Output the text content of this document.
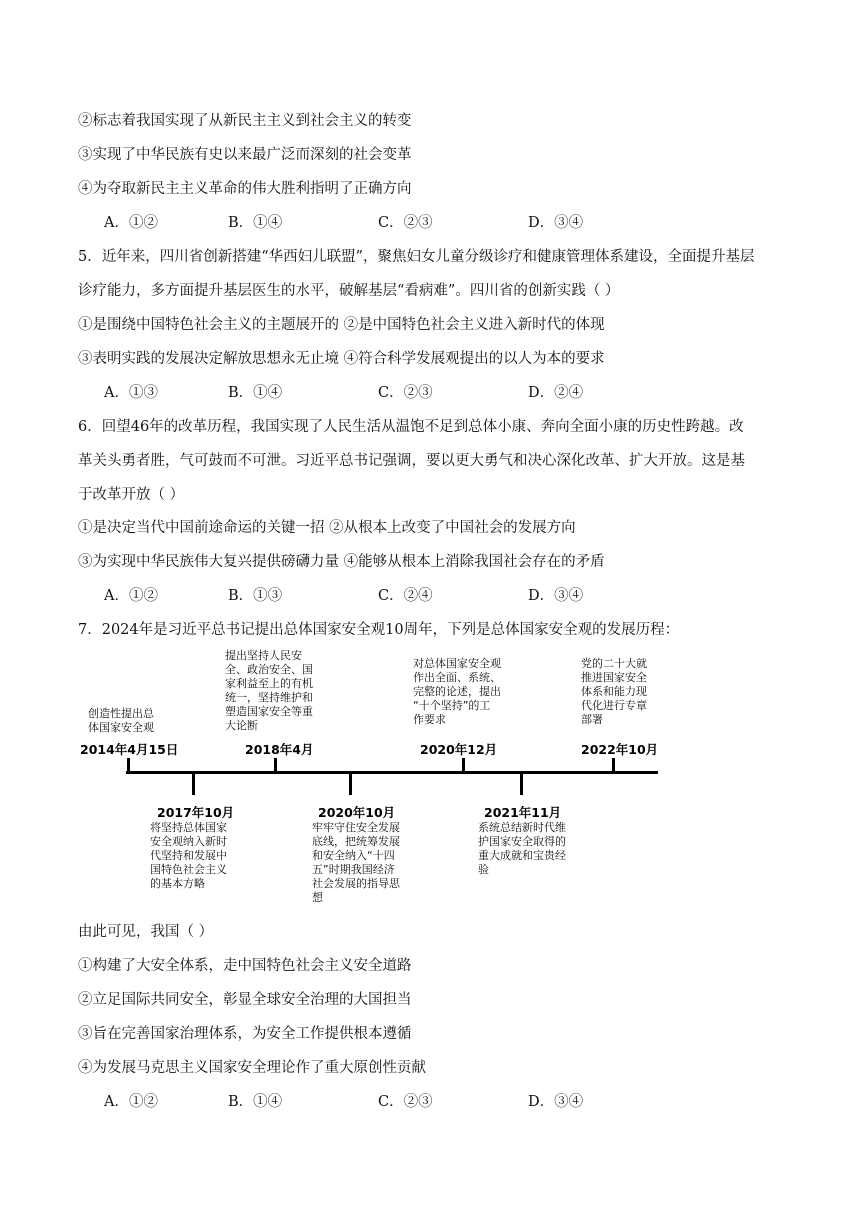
②标志着我国实现了从新民主主义到社会主义的转变
③实现了中华民族有史以来最广泛而深刻的社会变革
④为夺取新民主主义革命的伟大胜利指明了正确方向
A．①②	B．①④	C．②③	D．③④
5．近年来，四川省创新搭建“华西妇儿联盟”，聚焦妇女儿童分级诊疗和健康管理体系建设，全面提升基层
诊疗能力，多方面提升基层医生的水平，破解基层“看病难”。四川省的创新实践（ ）
①是围绕中国特色社会主义的主题展开的 ②是中国特色社会主义进入新时代的体现
③表明实践的发展决定解放思想永无止境 ④符合科学发展观提出的以人为本的要求
A．①③	B．①④	C．②③	D．②④
6．回望46年的改革历程，我国实现了人民生活从温饱不足到总体小康、奔向全面小康的历史性跨越。改
革关头勇者胜，气可鼓而不可泄。习近平总书记强调，要以更大勇气和决心深化改革、扩大开放。这是基
于改革开放（ ）
①是决定当代中国前途命运的关键一招 ②从根本上改变了中国社会的发展方向
③为实现中华民族伟大复兴提供磅礴力量 ④能够从根本上消除我国社会存在的矛盾
A．①②	B．①③	C．②④	D．③④
7．2024年是习近平总书记提出总体国家安全观10周年，下列是总体国家安全观的发展历程：
创造性提出总
体国家安全观
2014年4月15日
提出坚持人民安
全、政治安全、国
家利益至上的有机
统一，坚持维护和
塑造国家安全等重
大论断
2018年4月
对总体国家安全观
作出全面、系统、
完整的论述，提出
“十个坚持”的工
作要求
2020年12月
党的二十大就
推进国家安全
体系和能力现
代化进行专章
部署
2022年10月
2017年10月
将坚持总体国家
安全观纳入新时
代坚持和发展中
国特色社会主义
的基本方略
2020年10月
牢牢守住安全发展
底线，把统筹发展
和安全纳入“十四
五”时期我国经济
社会发展的指导思
想
2021年11月
系统总结新时代维
护国家安全取得的
重大成就和宝贵经
验
由此可见，我国（ ）
①构建了大安全体系，走中国特色社会主义安全道路
②立足国际共同安全，彰显全球安全治理的大国担当
③旨在完善国家治理体系，为安全工作提供根本遵循
④为发展马克思主义国家安全理论作了重大原创性贡献
A．①②	B．①④	C．②③	D．③④
